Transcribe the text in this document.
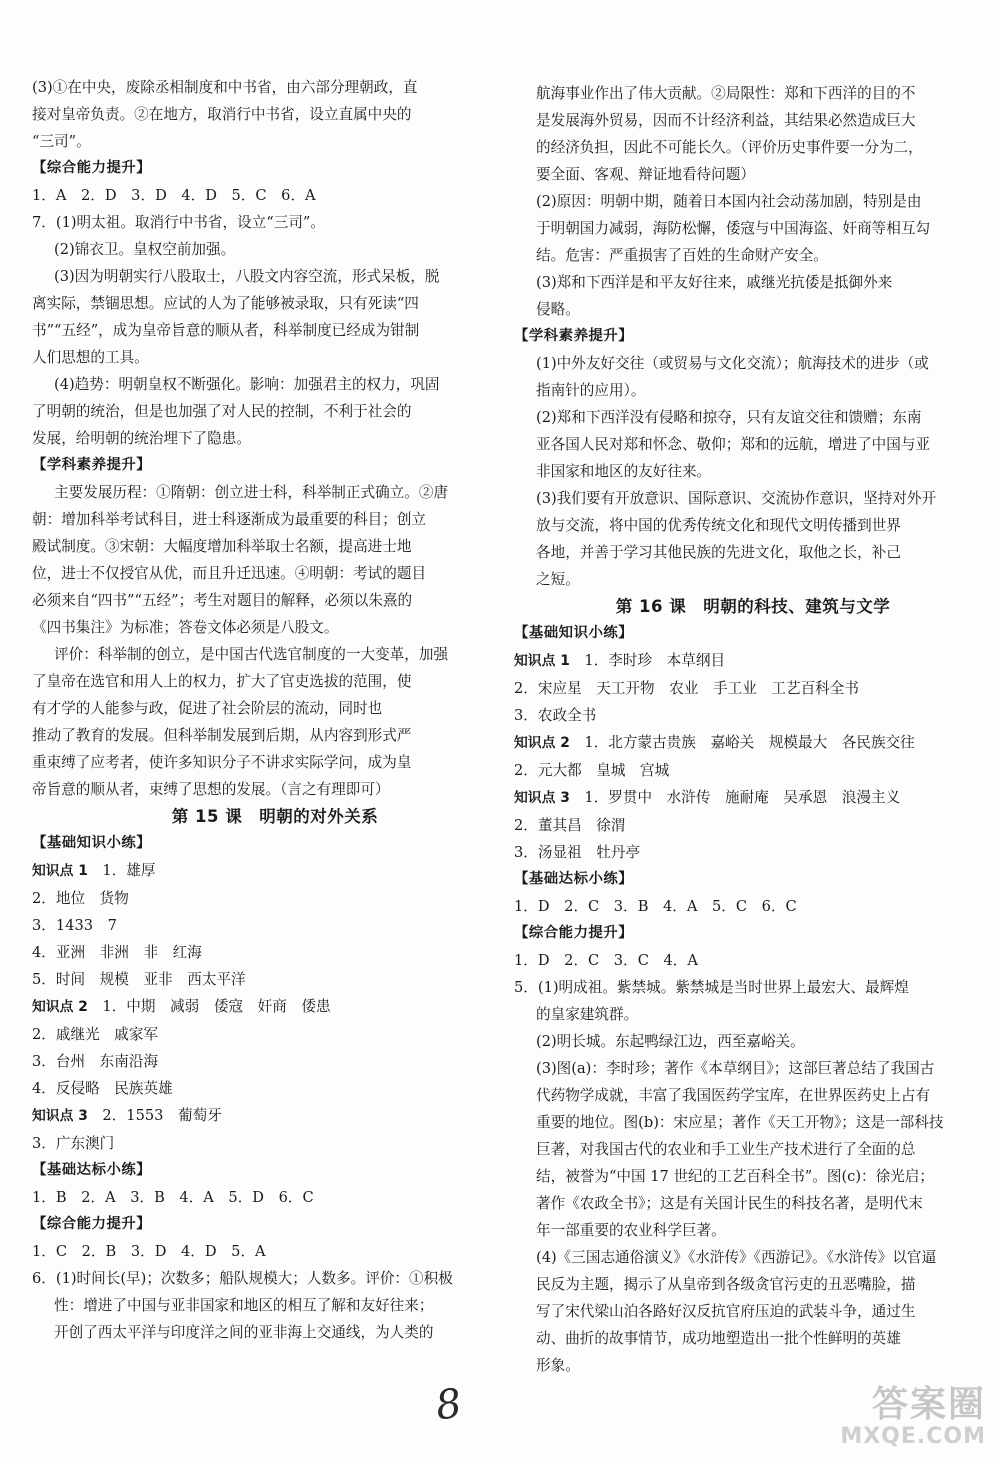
(3)①在中央，废除丞相制度和中书省，由六部分理朝政，直
接对皇帝负责。②在地方，取消行中书省，设立直属中央的
“三司”。
【综合能力提升】
1．A　2．D　3．D　4．D　5．C　6．A
7．(1)明太祖。取消行中书省，设立“三司”。
(2)锦衣卫。皇权空前加强。
(3)因为明朝实行八股取士，八股文内容空流，形式呆板，脱
离实际，禁锢思想。应试的人为了能够被录取，只有死读“四
书”“五经”，成为皇帝旨意的顺从者，科举制度已经成为钳制
人们思想的工具。
(4)趋势：明朝皇权不断强化。影响：加强君主的权力，巩固
了明朝的统治，但是也加强了对人民的控制，不利于社会的
发展，给明朝的统治埋下了隐患。
【学科素养提升】
主要发展历程：①隋朝：创立进士科，科举制正式确立。②唐
朝：增加科举考试科目，进士科逐渐成为最重要的科目；创立
殿试制度。③宋朝：大幅度增加科举取士名额，提高进士地
位，进士不仅授官从优，而且升迁迅速。④明朝：考试的题目
必须来自“四书”“五经”；考生对题目的解释，必须以朱熹的
《四书集注》为标准；答卷文体必须是八股文。
评价：科举制的创立，是中国古代选官制度的一大变革，加强
了皇帝在选官和用人上的权力，扩大了官吏选拔的范围，使
有才学的人能参与政，促进了社会阶层的流动，同时也
推动了教育的发展。但科举制发展到后期，从内容到形式严
重束缚了应考者，使许多知识分子不讲求实际学问，成为皇
帝旨意的顺从者，束缚了思想的发展。（言之有理即可）
第 15 课　明朝的对外关系
【基础知识小练】
知识点 1　 1．雄厚
2．地位　货物
3．1433　7
4．亚洲　非洲　非　红海
5．时间　规模　亚非　西太平洋
知识点 2　 1．中期　减弱　倭寇　奸商　倭患
2．戚继光　戚家军
3．台州　东南沿海
4．反侵略　民族英雄
知识点 3　 2．1553　葡萄牙
3．广东澳门
【基础达标小练】
1．B　2．A　3．B　4．A　5．D　6．C
【综合能力提升】
1．C　2．B　3．D　4．D　5．A
6．(1)时间长(早)；次数多；船队规模大；人数多。评价：①积极
性：增进了中国与亚非国家和地区的相互了解和友好往来；
开创了西太平洋与印度洋之间的亚非海上交通线，为人类的
航海事业作出了伟大贡献。②局限性：郑和下西洋的目的不
是发展海外贸易，因而不计经济利益，其结果必然造成巨大
的经济负担，因此不可能长久。（评价历史事件要一分为二，
要全面、客观、辩证地看待问题）
(2)原因：明朝中期，随着日本国内社会动荡加剧，特别是由
于明朝国力减弱，海防松懈，倭寇与中国海盗、奸商等相互勾
结。危害：严重损害了百姓的生命财产安全。
(3)郑和下西洋是和平友好往来，戚继光抗倭是抵御外来
侵略。
【学科素养提升】
(1)中外友好交往（或贸易与文化交流）；航海技术的进步（或
指南针的应用）。
(2)郑和下西洋没有侵略和掠夺，只有友谊交往和馈赠；东南
亚各国人民对郑和怀念、敬仰；郑和的远航，增进了中国与亚
非国家和地区的友好往来。
(3)我们要有开放意识、国际意识、交流协作意识，坚持对外开
放与交流，将中国的优秀传统文化和现代文明传播到世界
各地，并善于学习其他民族的先进文化，取他之长，补己
之短。
第 16 课　明朝的科技、建筑与文学
【基础知识小练】
知识点 1　 1．李时珍　本草纲目
2．宋应星　天工开物　农业　手工业　工艺百科全书
3．农政全书
知识点 2　 1．北方蒙古贵族　嘉峪关　规模最大　各民族交往
2．元大都　皇城　宫城
知识点 3　 1．罗贯中　水浒传　施耐庵　吴承恩　浪漫主义
2．董其昌　徐渭
3．汤显祖　牡丹亭
【基础达标小练】
1．D　2．C　3．B　4．A　5．C　6．C
【综合能力提升】
1．D　2．C　3．C　4．A
5．(1)明成祖。紫禁城。紫禁城是当时世界上最宏大、最辉煌
的皇家建筑群。
(2)明长城。东起鸭绿江边，西至嘉峪关。
(3)图(a)：李时珍；著作《本草纲目》；这部巨著总结了我国古
代药物学成就，丰富了我国医药学宝库，在世界医药史上占有
重要的地位。图(b)：宋应星；著作《天工开物》；这是一部科技
巨著，对我国古代的农业和手工业生产技术进行了全面的总
结，被誉为“中国 17 世纪的工艺百科全书”。图(c)：徐光启；
著作《农政全书》；这是有关国计民生的科技名著，是明代末
年一部重要的农业科学巨著。
(4)《三国志通俗演义》《水浒传》《西游记》。《水浒传》以官逼
民反为主题，揭示了从皇帝到各级贪官污吏的丑恶嘴脸，描
写了宋代梁山泊各路好汉反抗官府压迫的武装斗争，通过生
动、曲折的故事情节，成功地塑造出一批个性鲜明的英雄
形象。
8	答案圈
MXQE.COM
